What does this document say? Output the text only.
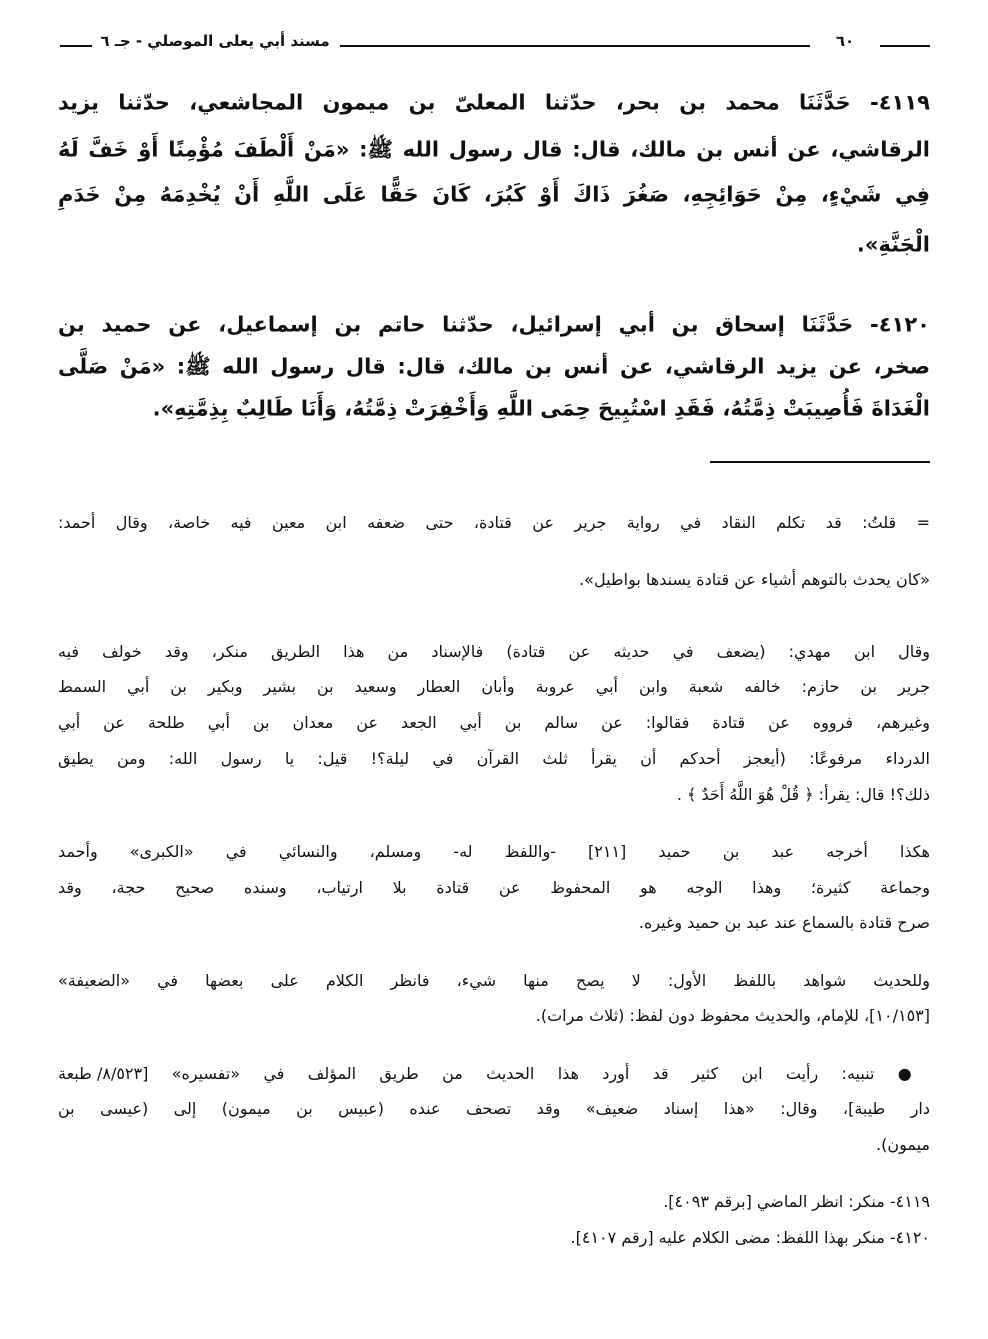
٦٠
مسند أبي يعلى الموصلي - جـ ٦
٤١١٩- حَدَّثَنَا محمد بن بحر، حدّثنا المعلىّ بن ميمون المجاشعي، حدّثنا يزيد
الرقاشي، عن أنس بن مالك، قال: قال رسول الله ﷺ: «مَنْ أَلْطَفَ مُؤْمِنًا أَوْ خَفَّ لَهُ
فِي شَيْءٍ، مِنْ حَوَائِجِهِ، صَغُرَ ذَاكَ أَوْ كَبُرَ، كَانَ حَقًّا عَلَى اللَّهِ أَنْ يُخْدِمَهُ مِنْ خَدَمِ
الْجَنَّةِ».
٤١٢٠- حَدَّثَنَا إسحاق بن أبي إسرائيل، حدّثنا حاتم بن إسماعيل، عن حميد بن
صخر، عن يزيد الرقاشي، عن أنس بن مالك، قال: قال رسول الله ﷺ: «مَنْ صَلَّى
الْغَدَاةَ فَأُصِيبَتْ ذِمَّتُهُ، فَقَدِ اسْتُبِيحَ حِمَى اللَّهِ وَأَخْفِرَتْ ذِمَّتُهُ، وَأَنَا طَالِبٌ بِذِمَّتِهِ».
= قلتُ: قد تكلم النقاد في رواية جرير عن قتادة، حتى ضعفه ابن معين فيه خاصة، وقال أحمد:
«كان يحدث بالتوهم أشياء عن قتادة يسندها بواطيل».
وقال ابن مهدي: (يضعف في حديثه عن قتادة) فالإسناد من هذا الطريق منكر، وقد خولف فيه
جرير بن حازم: خالفه شعبة وابن أبي عروبة وأبان العطار وسعيد بن بشير وبكير بن أبي السمط
وغيرهم، فرووه عن قتادة فقالوا: عن سالم بن أبي الجعد عن معدان بن أبي طلحة عن أبي
الدرداء مرفوعًا: (أيعجز أحدكم أن يقرأ ثلث القرآن في ليلة؟! قيل: يا رسول الله: ومن يطيق
ذلك؟! قال: يقرأ: ﴿ قُلْ هُوَ اللَّهُ أَحَدٌ ﴾ .
هكذا أخرجه عبد بن حميد [٢١١] -واللفظ له- ومسلم، والنسائي في «الكبرى» وأحمد
وجماعة كثيرة؛ وهذا الوجه هو المحفوظ عن قتادة بلا ارتياب، وسنده صحيح حجة، وقد
صرح قتادة بالسماع عند عبد بن حميد وغيره.
وللحديث شواهد باللفظ الأول: لا يصح منها شيء، فانظر الكلام على بعضها في «الضعيفة»
[١٠/١٥٣]، للإمام، والحديث محفوظ دون لفظ: (ثلاث مرات).
● تنبيه: رأيت ابن كثير قد أورد هذا الحديث من طريق المؤلف في «تفسيره» [٨/٥٢٣/ طبعة
دار طيبة]، وقال: «هذا إسناد ضعيف» وقد تصحف عنده (عبيس بن ميمون) إلى (عيسى بن
ميمون).
٤١١٩- منكر: انظر الماضي [برقم ٤٠٩٣].
٤١٢٠- منكر بهذا اللفظ: مضى الكلام عليه [رقم ٤١٠٧].
